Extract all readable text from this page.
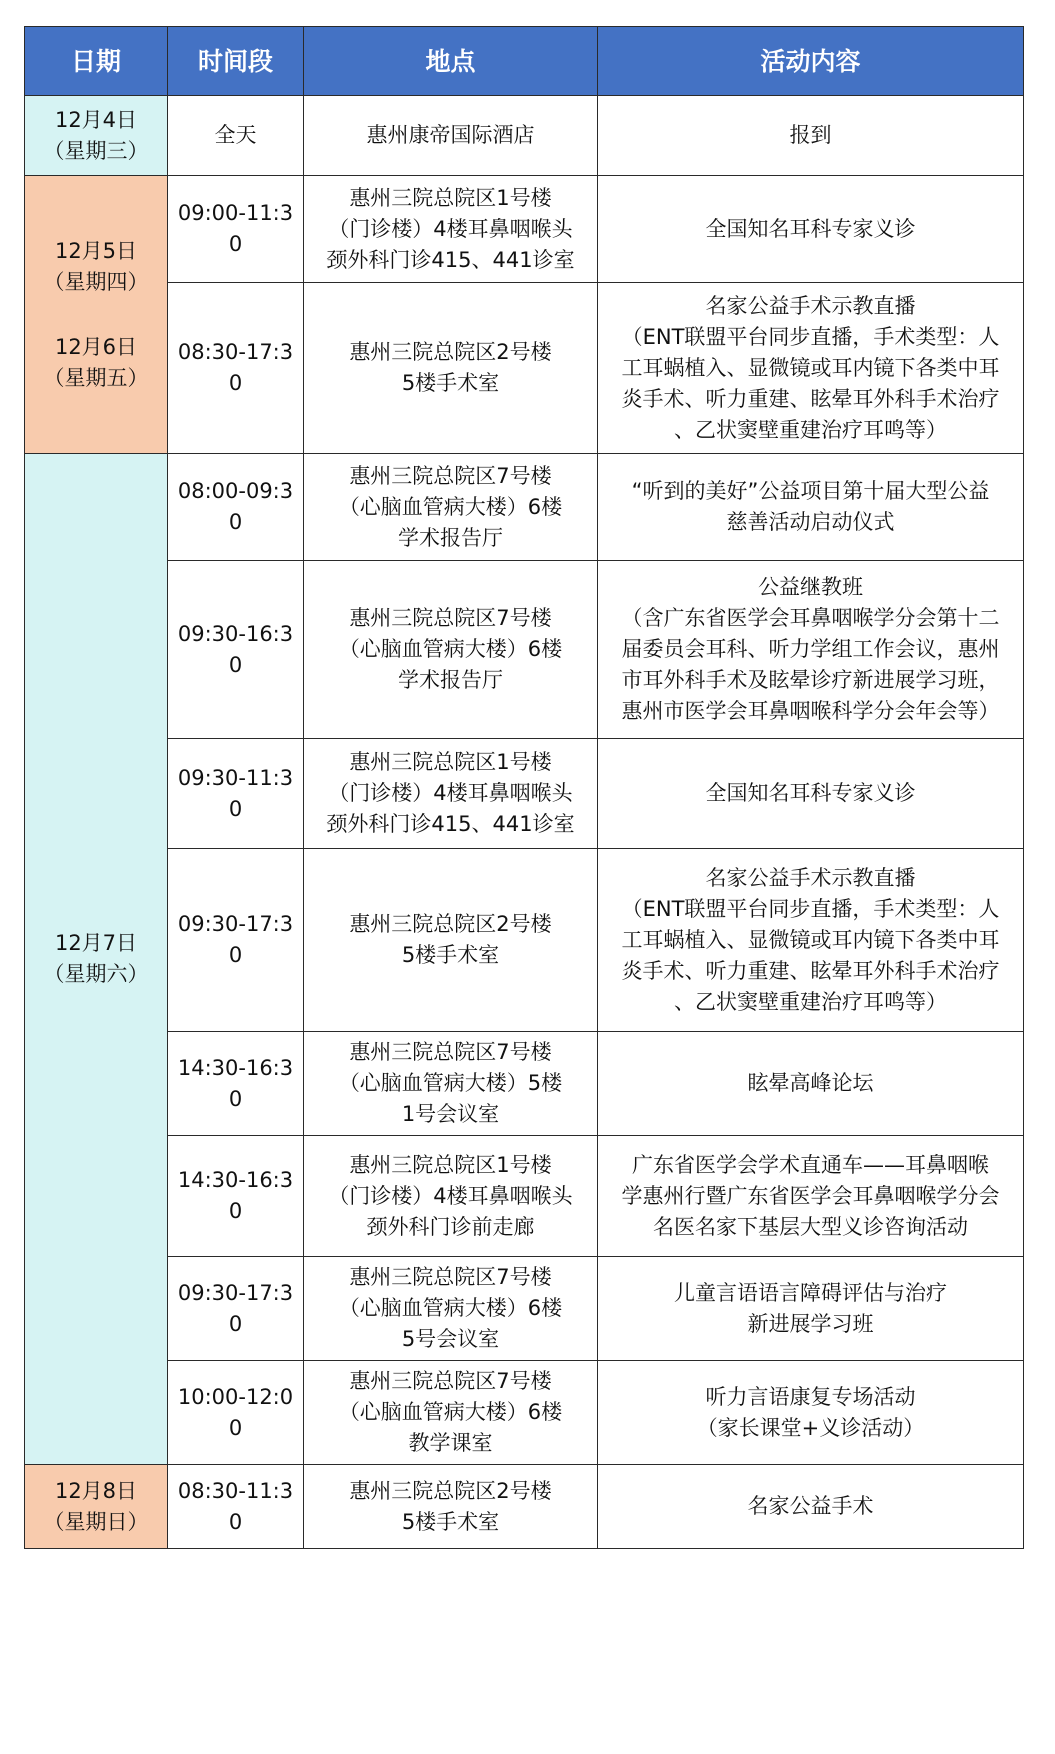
日期	时间段	地点	活动内容

12月4日
（星期三）	全天	惠州康帝国际酒店	报到

12月5日
（星期四）
12月6日
（星期五）	09:00-11:30	惠州三院总院区1号楼
（门诊楼）4楼耳鼻咽喉头
颈外科门诊415、441诊室	全国知名耳科专家义诊

	08:30-17:30	惠州三院总院区2号楼
5楼手术室	名家公益手术示教直播
（ENT联盟平台同步直播，手术类型：人
工耳蜗植入、显微镜或耳内镜下各类中耳
炎手术、听力重建、眩晕耳外科手术治疗
、乙状窦壁重建治疗耳鸣等）

12月7日
（星期六）	08:00-09:30	惠州三院总院区7号楼
（心脑血管病大楼）6楼
学术报告厅	“听到的美好”公益项目第十届大型公益
慈善活动启动仪式

	09:30-16:30	惠州三院总院区7号楼
（心脑血管病大楼）6楼
学术报告厅	公益继教班
（含广东省医学会耳鼻咽喉学分会第十二
届委员会耳科、听力学组工作会议，惠州
市耳外科手术及眩晕诊疗新进展学习班，
惠州市医学会耳鼻咽喉科学分会年会等）

	09:30-11:30	惠州三院总院区1号楼
（门诊楼）4楼耳鼻咽喉头
颈外科门诊415、441诊室	全国知名耳科专家义诊

	09:30-17:30	惠州三院总院区2号楼
5楼手术室	名家公益手术示教直播
（ENT联盟平台同步直播，手术类型：人
工耳蜗植入、显微镜或耳内镜下各类中耳
炎手术、听力重建、眩晕耳外科手术治疗
、乙状窦壁重建治疗耳鸣等）

	14:30-16:30	惠州三院总院区7号楼
（心脑血管病大楼）5楼
1号会议室	眩晕高峰论坛

	14:30-16:30	惠州三院总院区1号楼
（门诊楼）4楼耳鼻咽喉头
颈外科门诊前走廊	广东省医学会学术直通车——耳鼻咽喉
学惠州行暨广东省医学会耳鼻咽喉学分会
名医名家下基层大型义诊咨询活动

	09:30-17:30	惠州三院总院区7号楼
（心脑血管病大楼）6楼
5号会议室	儿童言语语言障碍评估与治疗
新进展学习班

	10:00-12:00	惠州三院总院区7号楼
（心脑血管病大楼）6楼
教学课室	听力言语康复专场活动
（家长课堂+义诊活动）

12月8日
（星期日）	08:30-11:30	惠州三院总院区2号楼
5楼手术室	名家公益手术
